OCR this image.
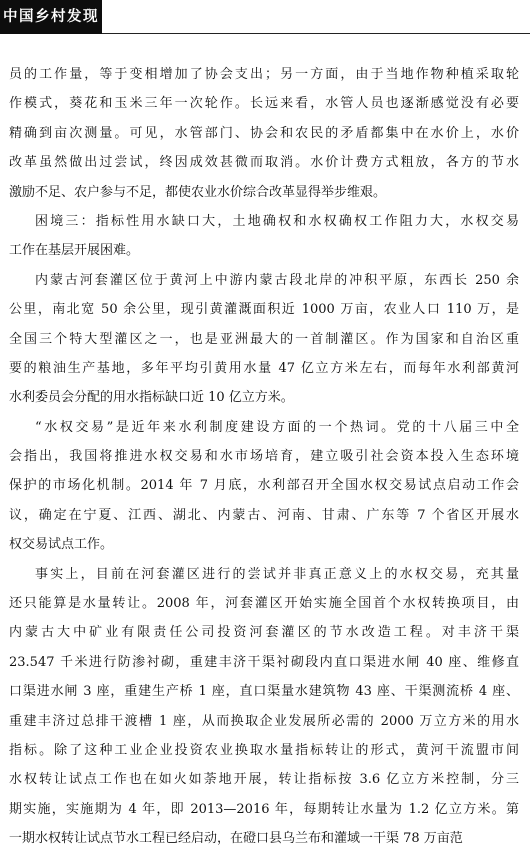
中国乡村发现
员的工作量，等于变相增加了协会支出；另一方面，由于当地作物种植采取轮
作模式，葵花和玉米三年一次轮作。长远来看，水管人员也逐渐感觉没有必要
精确到亩次测量。可见，水管部门、协会和农民的矛盾都集中在水价上，水价
改革虽然做出过尝试，终因成效甚微而取消。水价计费方式粗放，各方的节水
激励不足、农户参与不足，都使农业水价综合改革显得举步维艰。
困境三：指标性用水缺口大，土地确权和水权确权工作阻力大，水权交易
工作在基层开展困难。
内蒙古河套灌区位于黄河上中游内蒙古段北岸的冲积平原，东西长 250 余
公里，南北宽 50 余公里，现引黄灌溉面积近 1000 万亩，农业人口 110 万，是
全国三个特大型灌区之一，也是亚洲最大的一首制灌区。作为国家和自治区重
要的粮油生产基地，多年平均引黄用水量 47 亿立方米左右，而每年水利部黄河
水利委员会分配的用水指标缺口近 10 亿立方米。
“水权交易”是近年来水利制度建设方面的一个热词。党的十八届三中全
会指出，我国将推进水权交易和水市场培育，建立吸引社会资本投入生态环境
保护的市场化机制。2014 年 7 月底，水利部召开全国水权交易试点启动工作会
议，确定在宁夏、江西、湖北、内蒙古、河南、甘肃、广东等 7 个省区开展水
权交易试点工作。
事实上，目前在河套灌区进行的尝试并非真正意义上的水权交易，充其量
还只能算是水量转让。2008 年，河套灌区开始实施全国首个水权转换项目，由
内蒙古大中矿业有限责任公司投资河套灌区的节水改造工程。对丰济干渠
23.547 千米进行防渗衬砌，重建丰济干渠衬砌段内直口渠进水闸 40 座、维修直
口渠进水闸 3 座，重建生产桥 1 座，直口渠量水建筑物 43 座、干渠测流桥 4 座、
重建丰济过总排干渡槽 1 座，从而换取企业发展所必需的 2000 万立方米的用水
指标。除了这种工业企业投资农业换取水量指标转让的形式，黄河干流盟市间
水权转让试点工作也在如火如荼地开展，转让指标按 3.6 亿立方米控制，分三
期实施，实施期为 4 年，即 2013—2016 年，每期转让水量为 1.2 亿立方米。第
一期水权转让试点节水工程已经启动，在磴口县乌兰布和灌域一干渠 78 万亩范
